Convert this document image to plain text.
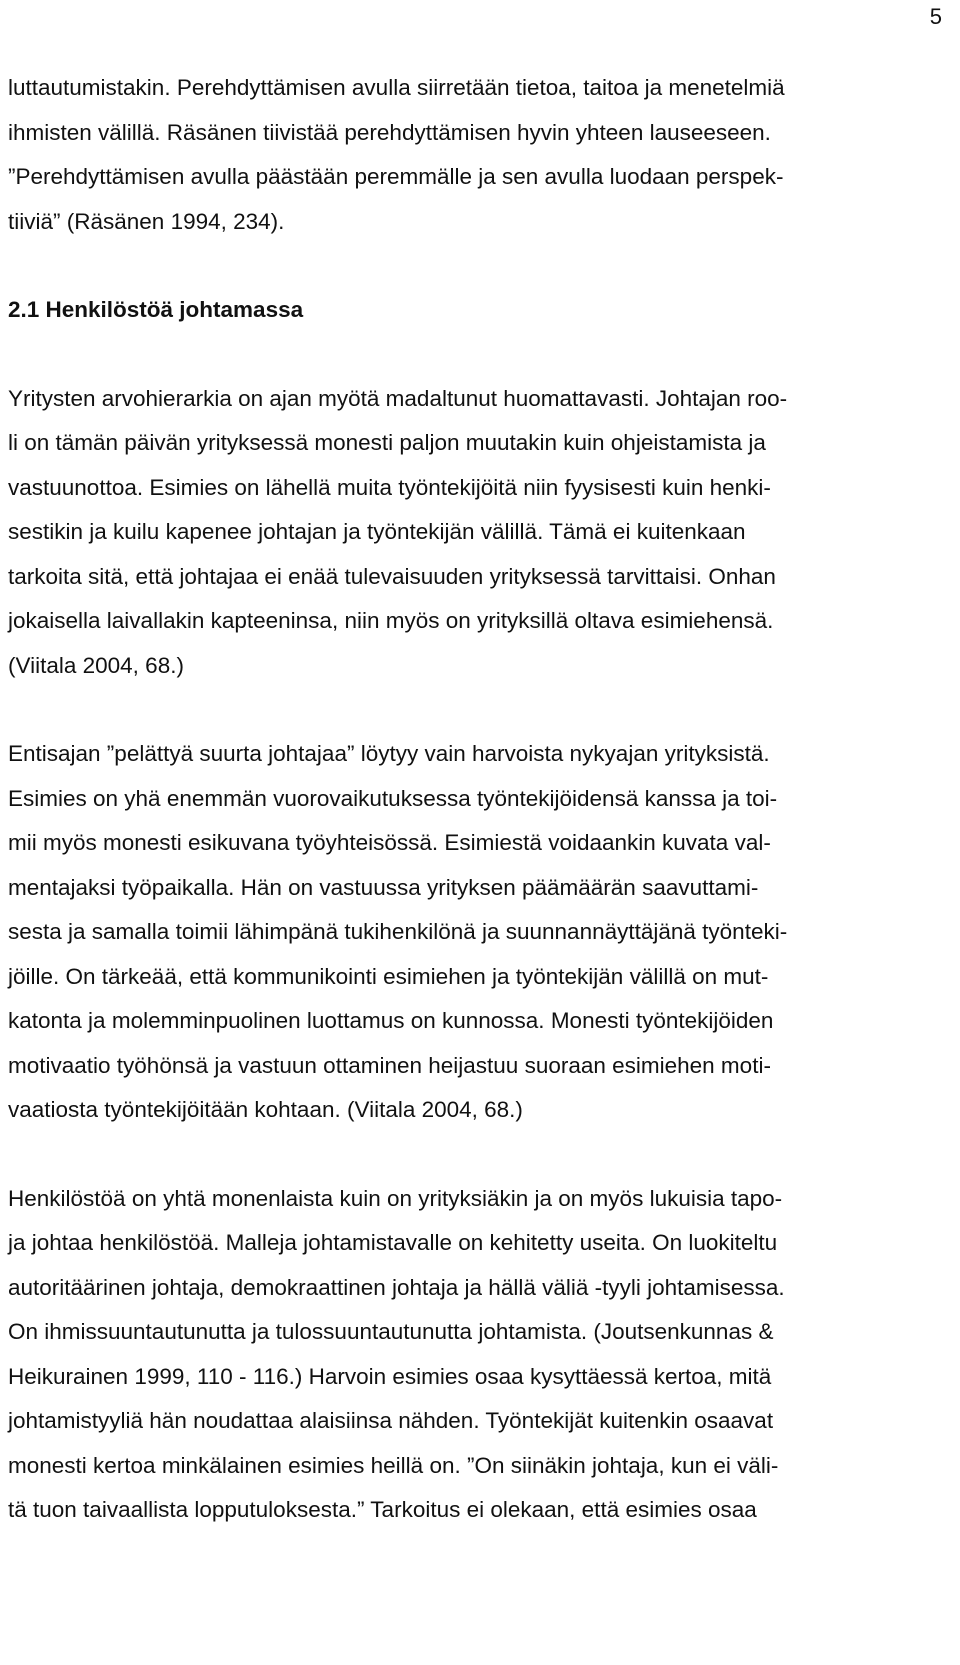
5

luttautumistakin. Perehdyttämisen avulla siirretään tietoa, taitoa ja menetelmiä
ihmisten välillä. Räsänen tiivistää perehdyttämisen hyvin yhteen lauseeseen.
”Perehdyttämisen avulla päästään peremmälle ja sen avulla luodaan perspek-
tiiviä” (Räsänen 1994, 234).

2.1 Henkilöstöä johtamassa

Yritysten arvohierarkia on ajan myötä madaltunut huomattavasti. Johtajan roo-
li on tämän päivän yrityksessä monesti paljon muutakin kuin ohjeistamista ja
vastuunottoa. Esimies on lähellä muita työntekijöitä niin fyysisesti kuin henki-
sestikin ja kuilu kapenee johtajan ja työntekijän välillä. Tämä ei kuitenkaan
tarkoita sitä, että johtajaa ei enää tulevaisuuden yrityksessä tarvittaisi. Onhan
jokaisella laivallakin kapteeninsa, niin myös on yrityksillä oltava esimiehensä.
(Viitala 2004, 68.)

Entisajan ”pelättyä suurta johtajaa” löytyy vain harvoista nykyajan yrityksistä.
Esimies on yhä enemmän vuorovaikutuksessa työntekijöidensä kanssa ja toi-
mii myös monesti esikuvana työyhteisössä. Esimiestä voidaankin kuvata val-
mentajaksi työpaikalla. Hän on vastuussa yrityksen päämäärän saavuttami-
sesta ja samalla toimii lähimpänä tukihenkilönä ja suunnannäyttäjänä työnteki-
jöille. On tärkeää, että kommunikointi esimiehen ja työntekijän välillä on mut-
katonta ja molemminpuolinen luottamus on kunnossa. Monesti työntekijöiden
motivaatio työhönsä ja vastuun ottaminen heijastuu suoraan esimiehen moti-
vaatiosta työntekijöitään kohtaan. (Viitala 2004, 68.)

Henkilöstöä on yhtä monenlaista kuin on yrityksiäkin ja on myös lukuisia tapo-
ja johtaa henkilöstöä. Malleja johtamistavalle on kehitetty useita. On luokiteltu
autoritäärinen johtaja, demokraattinen johtaja ja hällä väliä -tyyli johtamisessa.
On ihmissuuntautunutta ja tulossuuntautunutta johtamista. (Joutsenkunnas &
Heikurainen 1999, 110 - 116.) Harvoin esimies osaa kysyttäessä kertoa, mitä
johtamistyyliä hän noudattaa alaisiinsa nähden. Työntekijät kuitenkin osaavat
monesti kertoa minkälainen esimies heillä on. ”On siinäkin johtaja, kun ei väli-
tä tuon taivaallista lopputuloksesta.” Tarkoitus ei olekaan, että esimies osaa
